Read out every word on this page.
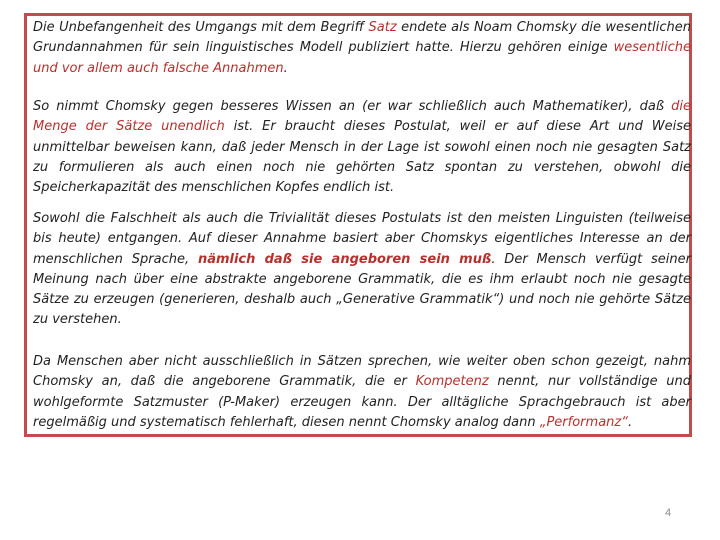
Die Unbefangenheit des Umgangs mit dem Begriff Satz endete als Noam Chomsky die wesentlichen Grundannahmen für sein linguistisches Modell publiziert hatte. Hierzu gehören einige wesentliche und vor allem auch falsche Annahmen.

So nimmt Chomsky gegen besseres Wissen an (er war schließlich auch Mathematiker), daß die Menge der Sätze unendlich ist. Er braucht dieses Postulat, weil er auf diese Art und Weise unmittelbar beweisen kann, daß jeder Mensch in der Lage ist sowohl einen noch nie gesagten Satz zu formulieren als auch einen noch nie gehörten Satz spontan zu verstehen, obwohl die Speicherkapazität des menschlichen Kopfes endlich ist.

Sowohl die Falschheit als auch die Trivialität dieses Postulats ist den meisten Linguisten (teilweise bis heute) entgangen. Auf dieser Annahme basiert aber Chomskys eigentliches Interesse an der menschlichen Sprache, nämlich daß sie angeboren sein muß. Der Mensch verfügt seiner Meinung nach über eine abstrakte angeborene Grammatik, die es ihm erlaubt noch nie gesagte Sätze zu erzeugen (generieren, deshalb auch „Generative Grammatik“) und noch nie gehörte Sätze zu verstehen.

Da Menschen aber nicht ausschließlich in Sätzen sprechen, wie weiter oben schon gezeigt, nahm Chomsky an, daß die angeborene Grammatik, die er Kompetenz nennt, nur vollständige und wohlgeformte Satzmuster (P-Maker) erzeugen kann. Der alltägliche Sprachgebrauch ist aber regelmäßig und systematisch fehlerhaft, diesen nennt Chomsky analog dann „Performanz“.

4
